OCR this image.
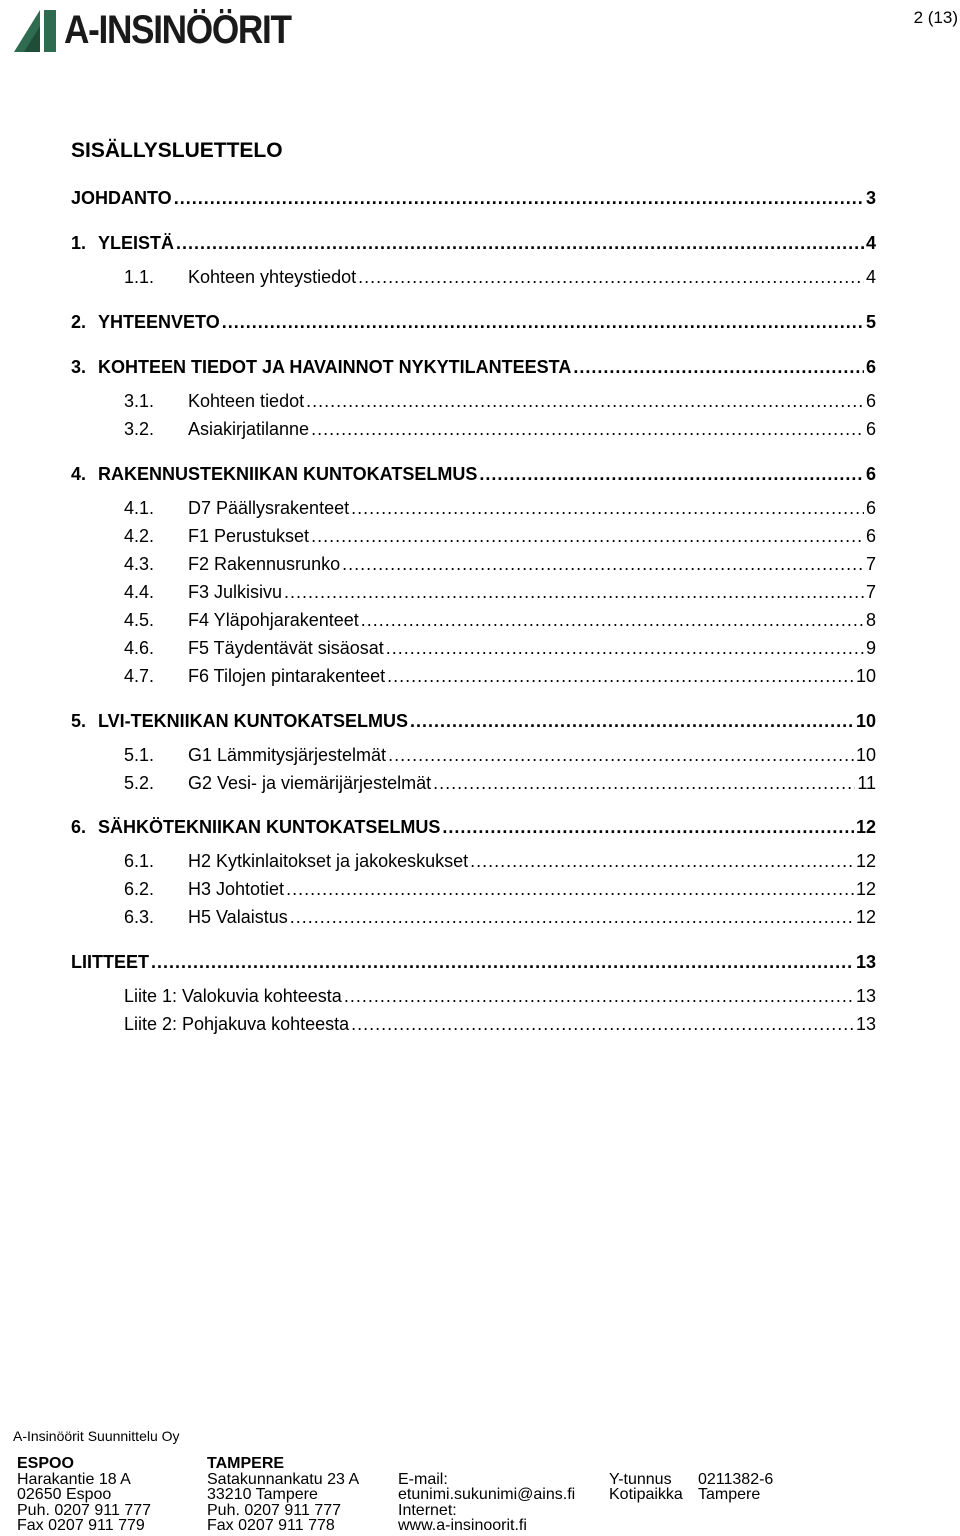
A-INSINÖÖRIT	2 (13)
SISÄLLYSLUETTELO
JOHDANTO .....	3
1. YLEISTÄ .....	4
1.1.	Kohteen yhteystiedot .....	4
2. YHTEENVETO .....	5
3. KOHTEEN TIEDOT JA HAVAINNOT NYKYTILANTEESTA .....	6
3.1.	Kohteen tiedot .....	6
3.2.	Asiakirjatilanne .....	6
4. RAKENNUSTEKNIIKAN KUNTOKATSELMUS .....	6
4.1.	D7 Päällysrakenteet .....	6
4.2.	F1 Perustukset .....	6
4.3.	F2 Rakennusrunko .....	7
4.4.	F3 Julkisivu .....	7
4.5.	F4 Yläpohjarakenteet .....	8
4.6.	F5 Täydentävät sisäosat .....	9
4.7.	F6 Tilojen pintarakenteet .....	10
5. LVI-TEKNIIKAN KUNTOKATSELMUS .....	10
5.1.	G1 Lämmitysjärjestelmät .....	10
5.2.	G2 Vesi- ja viemärijärjestelmät .....	11
6. SÄHKÖTEKNIIKAN KUNTOKATSELMUS .....	12
6.1.	H2 Kytkinlaitokset ja jakokeskukset .....	12
6.2.	H3 Johtotiet .....	12
6.3.	H5 Valaistus .....	12
LIITTEET .....	13
Liite 1: Valokuvia kohteesta .....	13
Liite 2: Pohjakuva kohteesta .....	13
A-Insinöörit Suunnittelu Oy
ESPOO
Harakantie 18 A
02650 Espoo
Puh. 0207 911 777
Fax 0207 911 779
TAMPERE
Satakunnankatu 23 A
33210 Tampere
Puh. 0207 911 777
Fax 0207 911 778
E-mail:
etunimi.sukunimi@ains.fi
Internet:
www.a-insinoorit.fi
Y-tunnus
Kotipaikka
0211382-6
Tampere
